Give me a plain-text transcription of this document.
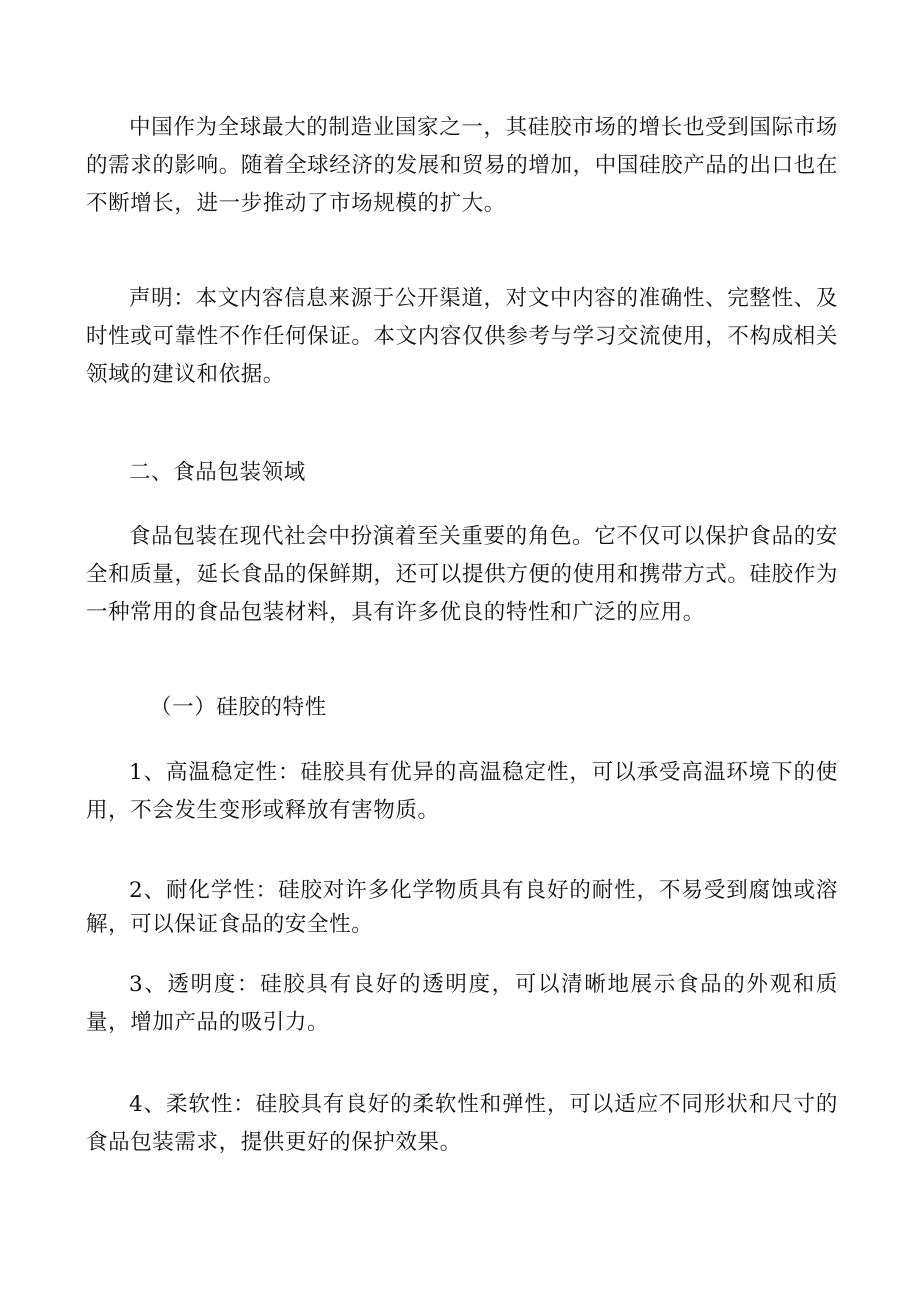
中国作为全球最大的制造业国家之一，其硅胶市场的增长也受到国际市场的需求的影响。随着全球经济的发展和贸易的增加，中国硅胶产品的出口也在不断增长，进一步推动了市场规模的扩大。

声明：本文内容信息来源于公开渠道，对文中内容的准确性、完整性、及时性或可靠性不作任何保证。本文内容仅供参考与学习交流使用，不构成相关领域的建议和依据。

二、食品包装领域

食品包装在现代社会中扮演着至关重要的角色。它不仅可以保护食品的安全和质量，延长食品的保鲜期，还可以提供方便的使用和携带方式。硅胶作为一种常用的食品包装材料，具有许多优良的特性和广泛的应用。

（一）硅胶的特性

1、高温稳定性：硅胶具有优异的高温稳定性，可以承受高温环境下的使用，不会发生变形或释放有害物质。

2、耐化学性：硅胶对许多化学物质具有良好的耐性，不易受到腐蚀或溶解，可以保证食品的安全性。

3、透明度：硅胶具有良好的透明度，可以清晰地展示食品的外观和质量，增加产品的吸引力。

4、柔软性：硅胶具有良好的柔软性和弹性，可以适应不同形状和尺寸的食品包装需求，提供更好的保护效果。
